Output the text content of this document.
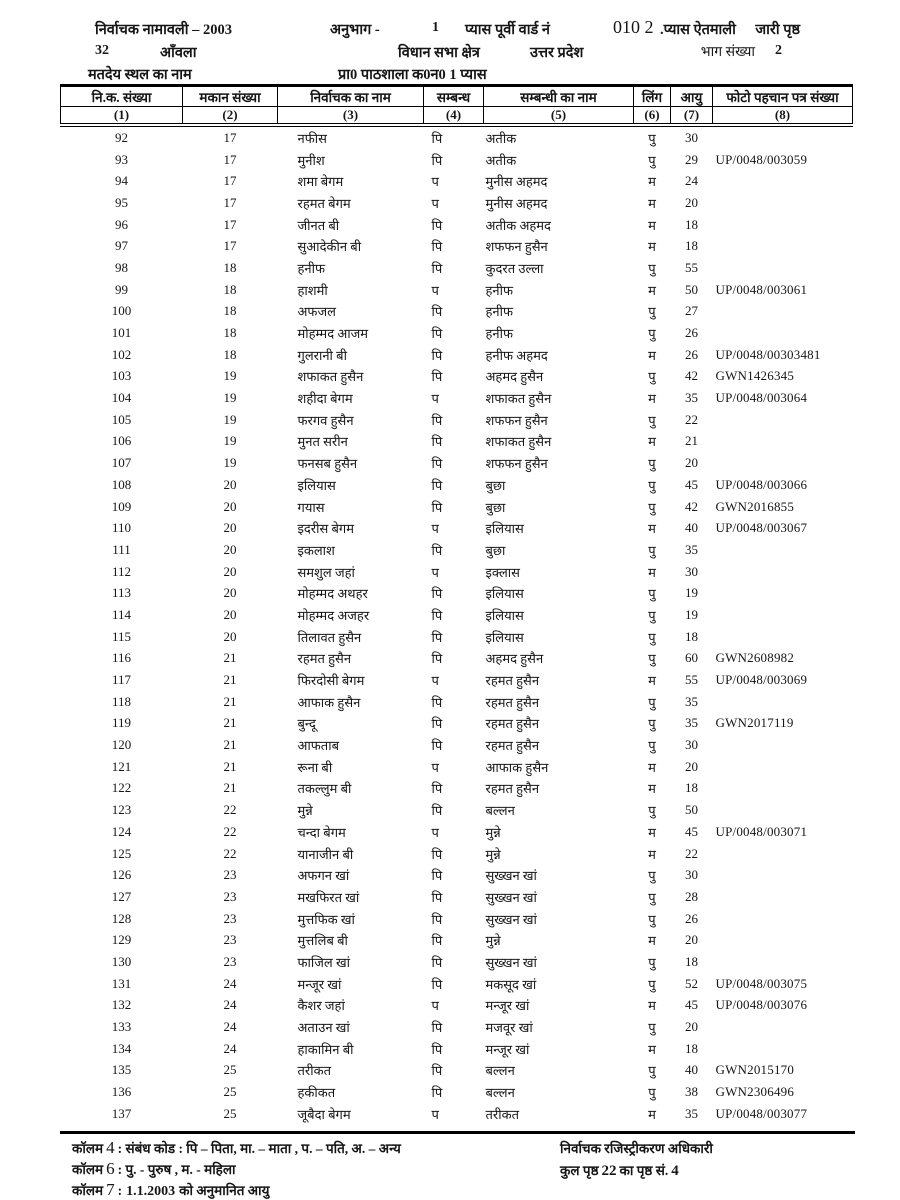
निर्वाचक नामावली – 2003	अनुभाग -	1 प्यास पूर्वी वार्ड नं	010 2 .प्यास ऐतमाली जारी पृष्ठ
32	ऑंवला	विधान सभा क्षेत्र	उत्तर प्रदेश	भाग संख्या 2
मतदेय स्थल का नाम	प्रा0 पाठशाला क0न0 1 प्यास
नि.क. संख्या	मकान संख्या	निर्वाचक का नाम	सम्बन्ध	सम्बन्धी का नाम	लिंग	आयु	फोटो पहचान पत्र संख्या
(1)	(2)	(3)	(4)	(5)	(6)	(7)	(8)
92	17	नफीस	पि	अतीक	पु	30	
93	17	मुनीश	पि	अतीक	पु	29	UP/0048/003059
94	17	शमा बेगम	प	मुनीस अहमद	म	24	
95	17	रहमत बेगम	प	मुनीस अहमद	म	20	
96	17	जीनत बी	पि	अतीक अहमद	म	18	
97	17	सुआदेकीन बी	पि	शफफन हुसैन	म	18	
98	18	हनीफ	पि	कुदरत उल्ला	पु	55	
99	18	हाशमी	प	हनीफ	म	50	UP/0048/003061
100	18	अफजल	पि	हनीफ	पु	27	
101	18	मोहम्मद आजम	पि	हनीफ	पु	26	
102	18	गुलरानी बी	पि	हनीफ अहमद	म	26	UP/0048/00303481
103	19	शफाकत हुसैन	पि	अहमद हुसैन	पु	42	GWN1426345
104	19	शहीदा बेगम	प	शफाकत हुसैन	म	35	UP/0048/003064
105	19	फरगव हुसैन	पि	शफफन हुसैन	पु	22	
106	19	मुनत सरीन	पि	शफाकत हुसैन	म	21	
107	19	फनसब हुसैन	पि	शफफन हुसैन	पु	20	
108	20	इलियास	पि	बुछा	पु	45	UP/0048/003066
109	20	गयास	पि	बुछा	पु	42	GWN2016855
110	20	इदरीस बेगम	प	इलियास	म	40	UP/0048/003067
111	20	इकलाश	पि	बुछा	पु	35	
112	20	समशुल जहां	प	इक्लास	म	30	
113	20	मोहम्मद अथहर	पि	इलियास	पु	19	
114	20	मोहम्मद अजहर	पि	इलियास	पु	19	
115	20	तिलावत हुसैन	पि	इलियास	पु	18	
116	21	रहमत हुसैन	पि	अहमद हुसैन	पु	60	GWN2608982
117	21	फिरदोसी बेगम	प	रहमत हुसैन	म	55	UP/0048/003069
118	21	आफाक हुसैन	पि	रहमत हुसैन	पु	35	
119	21	बुन्दू	पि	रहमत हुसैन	पु	35	GWN2017119
120	21	आफताब	पि	रहमत हुसैन	पु	30	
121	21	रूना बी	प	आफाक हुसैन	म	20	
122	21	तकल्लुम बी	पि	रहमत हुसैन	म	18	
123	22	मुन्ने	पि	बल्लन	पु	50	
124	22	चन्दा बेगम	प	मुन्ने	म	45	UP/0048/003071
125	22	यानाजीन बी	पि	मुन्ने	म	22	
126	23	अफगन खां	पि	सुख्खन खां	पु	30	
127	23	मखफिरत खां	पि	सुख्खन खां	पु	28	
128	23	मुत्तफिक खां	पि	सुख्खन खां	पु	26	
129	23	मुत्तलिब बी	पि	मुन्ने	म	20	
130	23	फाजिल खां	पि	सुख्खन खां	पु	18	
131	24	मन्जूर खां	पि	मकसूद खां	पु	52	UP/0048/003075
132	24	कैशर जहां	प	मन्जूर खां	म	45	UP/0048/003076
133	24	अताउन खां	पि	मजवूर खां	पु	20	
134	24	हाकामिन बी	पि	मन्जूर खां	म	18	
135	25	तरीकत	पि	बल्लन	पु	40	GWN2015170
136	25	हकीकत	पि	बल्लन	पु	38	GWN2306496
137	25	जूबैदा बेगम	प	तरीकत	म	35	UP/0048/003077
कॉलम 4 : संबंध कोड : पि – पिता, मा. – माता , प. – पति, अ. – अन्य
कॉलम 6 : पु. - पुरुष , म. - महिला
कॉलम 7 : 1.1.2003 को अनुमानित आयु
निर्वाचक रजिस्ट्रीकरण अधिकारी
कुल पृष्ठ 22 का पृष्ठ सं. 4
